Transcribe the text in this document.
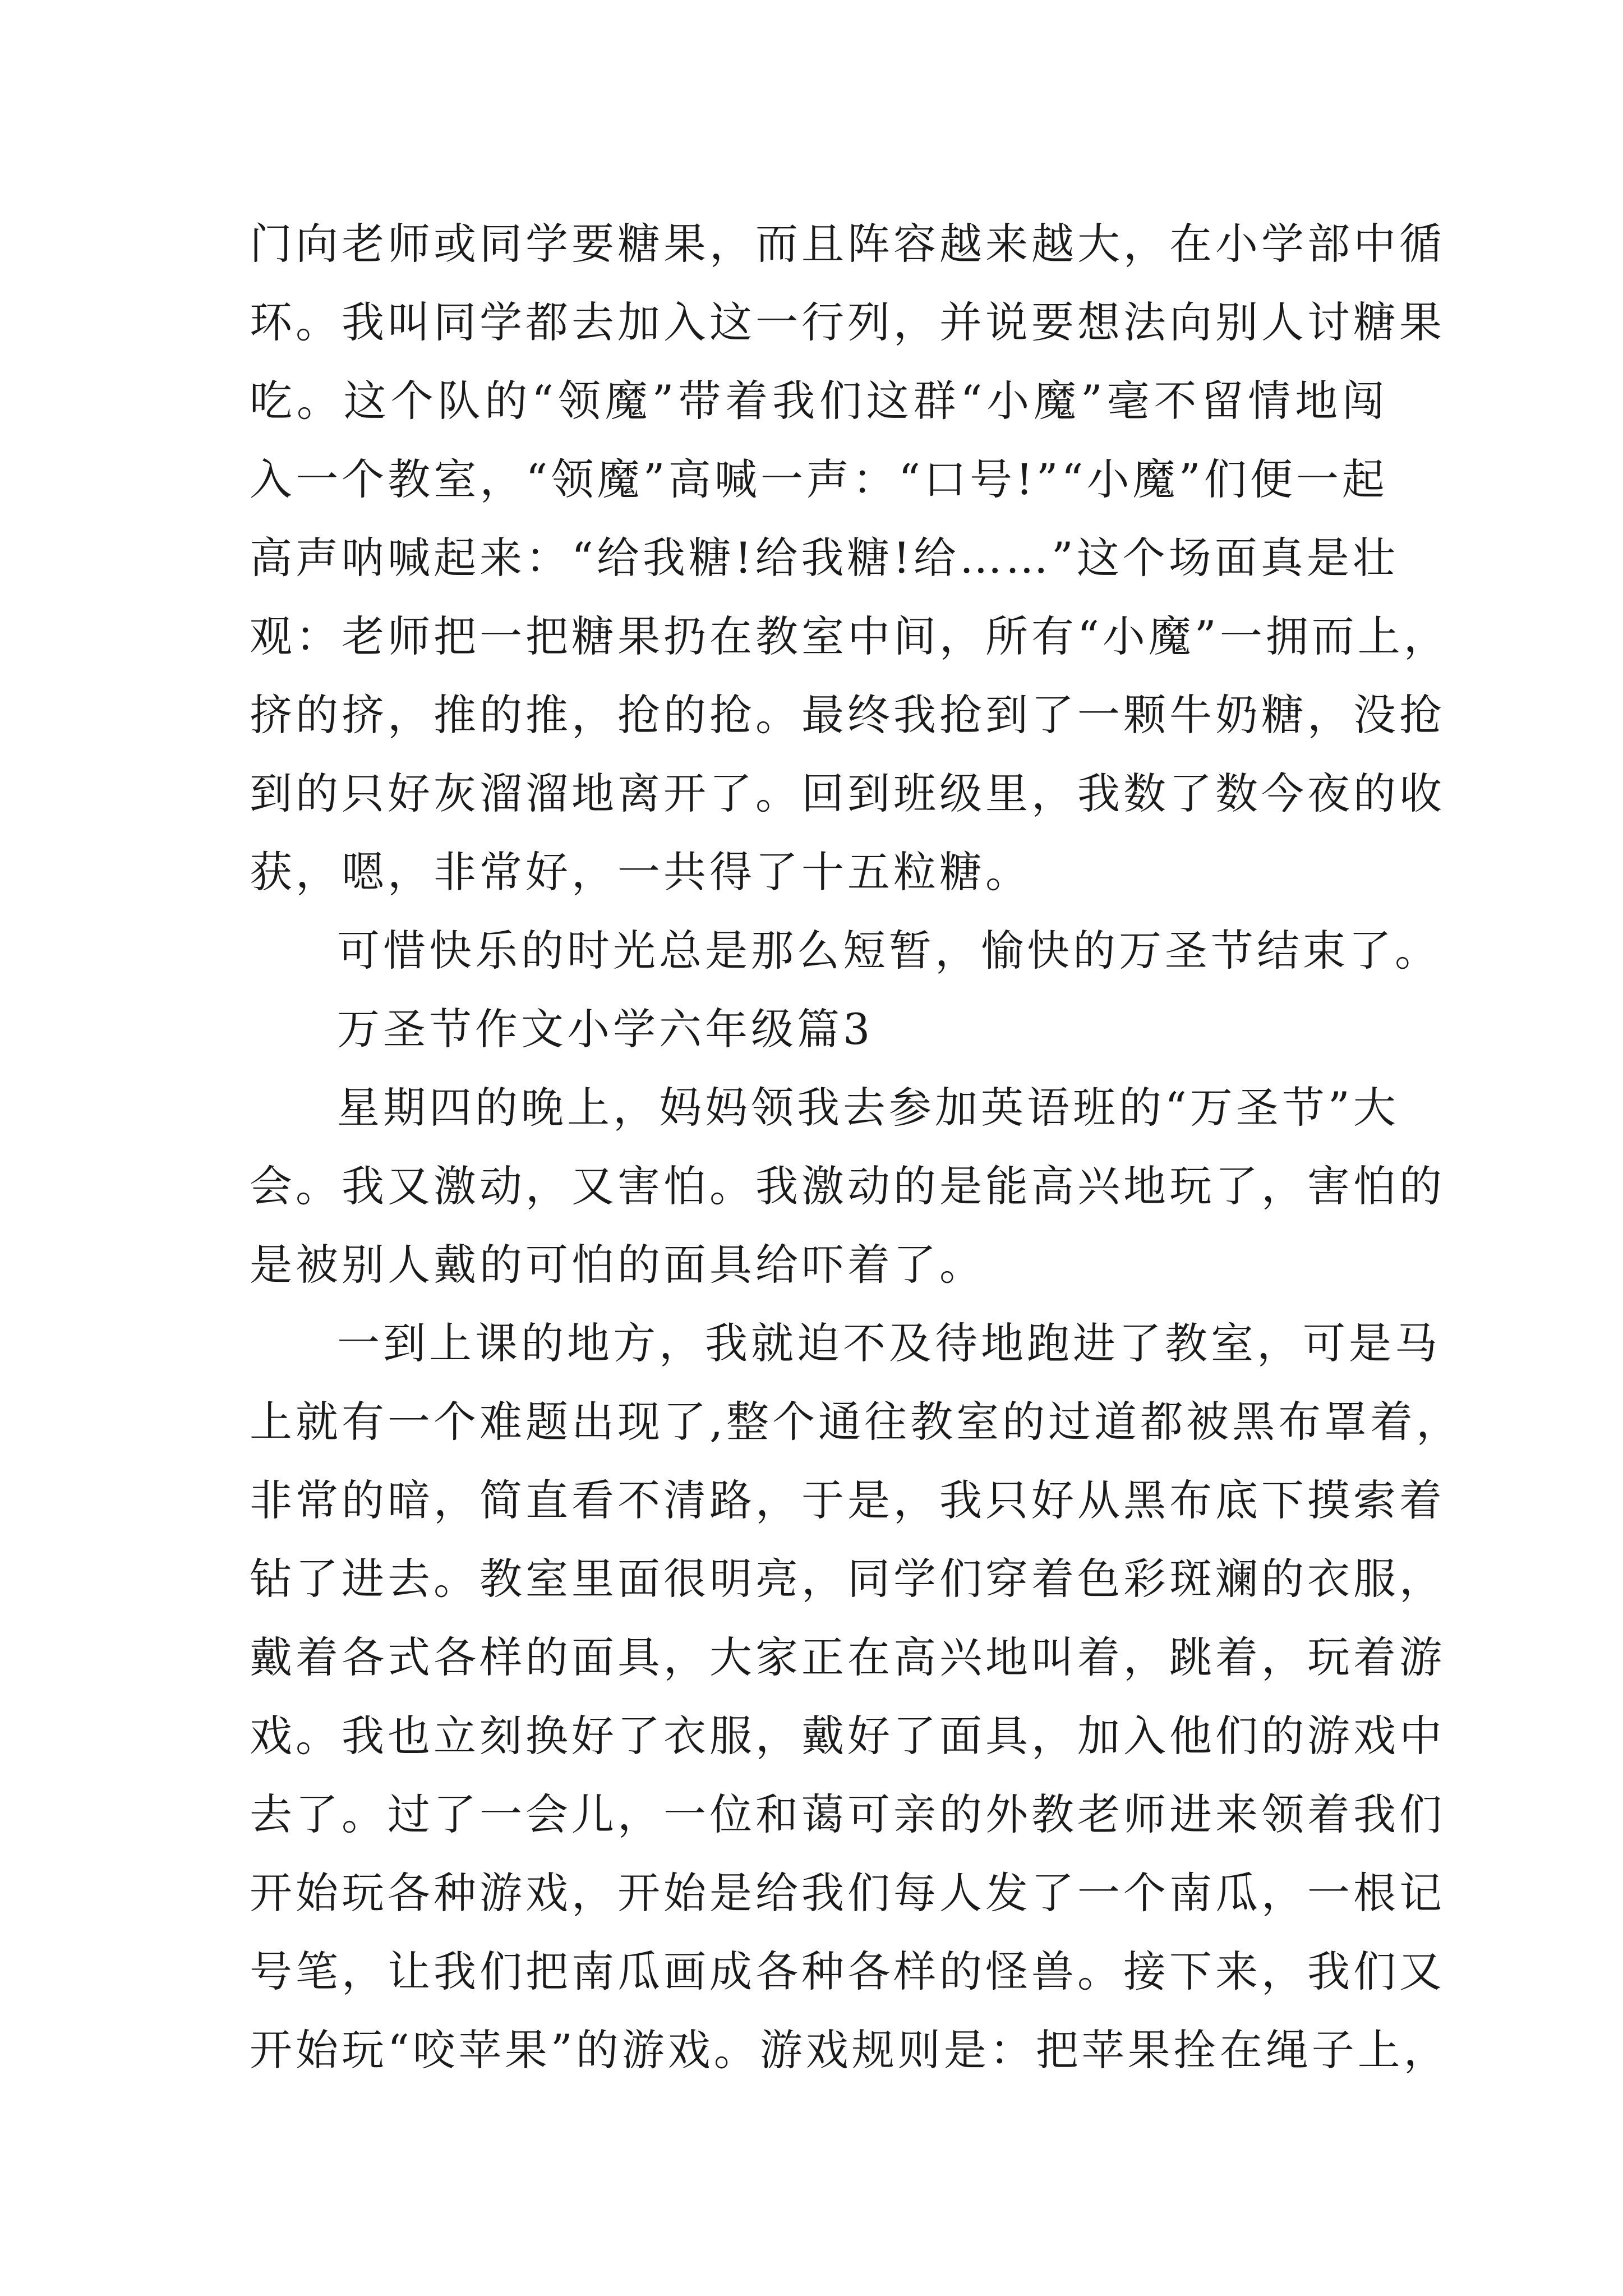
门向老师或同学要糖果，而且阵容越来越大，在小学部中循
环。我叫同学都去加入这一行列，并说要想法向别人讨糖果
吃。这个队的“领魔”带着我们这群“小魔”毫不留情地闯
入一个教室，“领魔”高喊一声：“口号!”“小魔”们便一起
高声呐喊起来：“给我糖!给我糖!给……”这个场面真是壮
观：老师把一把糖果扔在教室中间，所有“小魔”一拥而上，
挤的挤，推的推，抢的抢。最终我抢到了一颗牛奶糖，没抢
到的只好灰溜溜地离开了。回到班级里，我数了数今夜的收
获，嗯，非常好，一共得了十五粒糖。
可惜快乐的时光总是那么短暂，愉快的万圣节结束了。
万圣节作文小学六年级篇3
星期四的晚上，妈妈领我去参加英语班的“万圣节”大
会。我又激动，又害怕。我激动的是能高兴地玩了，害怕的
是被别人戴的可怕的面具给吓着了。
一到上课的地方，我就迫不及待地跑进了教室，可是马
上就有一个难题出现了,整个通往教室的过道都被黑布罩着，
非常的暗，简直看不清路，于是，我只好从黑布底下摸索着
钻了进去。教室里面很明亮，同学们穿着色彩斑斓的衣服，
戴着各式各样的面具，大家正在高兴地叫着，跳着，玩着游
戏。我也立刻换好了衣服，戴好了面具，加入他们的游戏中
去了。过了一会儿，一位和蔼可亲的外教老师进来领着我们
开始玩各种游戏，开始是给我们每人发了一个南瓜，一根记
号笔，让我们把南瓜画成各种各样的怪兽。接下来，我们又
开始玩“咬苹果”的游戏。游戏规则是：把苹果拴在绳子上，
